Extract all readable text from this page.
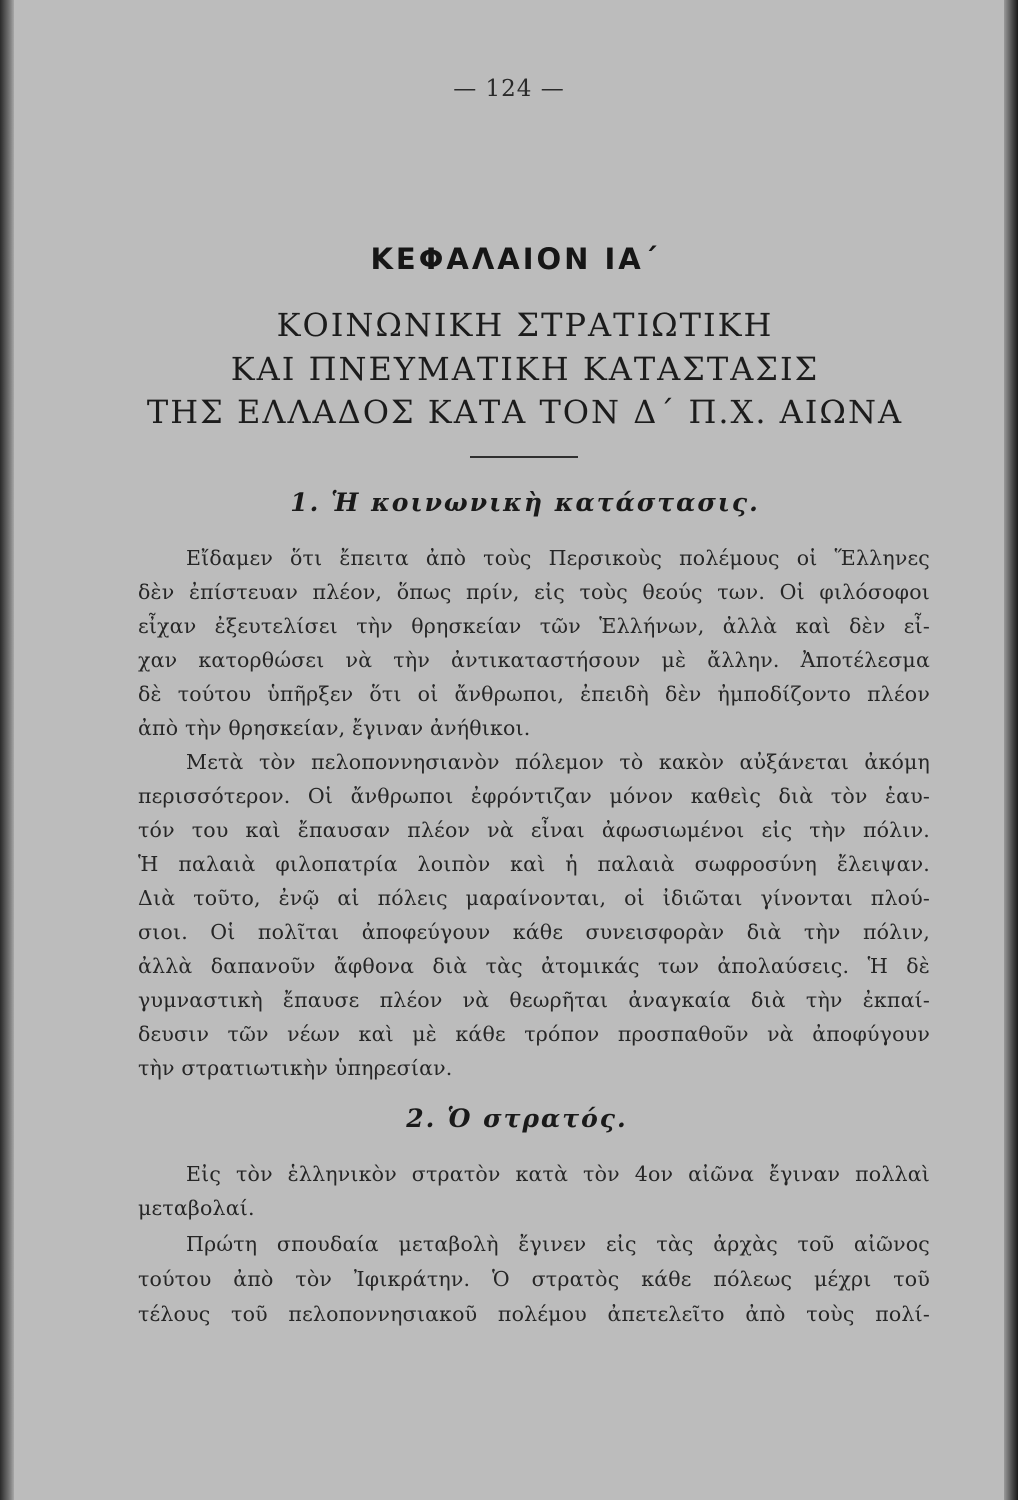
— 124 —
ΚΕΦΑΛΑΙΟΝ ΙΑ΄
ΚΟΙΝΩΝΙΚΗ ΣΤΡΑΤΙΩΤΙΚΗ
ΚΑΙ ΠΝΕΥΜΑΤΙΚΗ ΚΑΤΑΣΤΑΣΙΣ
ΤΗΣ ΕΛΛΑΔΟΣ ΚΑΤΑ ΤΟΝ Δ΄ Π.Χ. ΑΙΩΝΑ
1. Ἡ κοινωνικὴ κατάστασις.
Εἴδαμεν ὅτι ἔπειτα ἀπὸ τοὺς Περσικοὺς πολέμους οἱ Ἕλληνες
δὲν ἐπίστευαν πλέον, ὅπως πρίν, εἰς τοὺς θεούς των. Οἱ φιλόσοφοι
εἶχαν ἐξευτελίσει τὴν θρησκείαν τῶν Ἑλλήνων, ἀλλὰ καὶ δὲν εἶ-
χαν κατορθώσει νὰ τὴν ἀντικαταστήσουν μὲ ἄλλην. Ἀποτέλεσμα
δὲ τούτου ὑπῆρξεν ὅτι οἱ ἄνθρωποι, ἐπειδὴ δὲν ἠμποδίζοντο πλέον
ἀπὸ τὴν θρησκείαν, ἔγιναν ἀνήθικοι.
Μετὰ τὸν πελοποννησιανὸν πόλεμον τὸ κακὸν αὐξάνεται ἀκόμη
περισσότερον. Οἱ ἄνθρωποι ἐφρόντιζαν μόνον καθεὶς διὰ τὸν ἑαυ-
τόν του καὶ ἔπαυσαν πλέον νὰ εἶναι ἀφωσιωμένοι εἰς τὴν πόλιν.
Ἡ παλαιὰ φιλοπατρία λοιπὸν καὶ ἡ παλαιὰ σωφροσύνη ἔλειψαν.
Διὰ τοῦτο, ἐνῷ αἱ πόλεις μαραίνονται, οἱ ἰδιῶται γίνονται πλού-
σιοι. Οἱ πολῖται ἀποφεύγουν κάθε συνεισφορὰν διὰ τὴν πόλιν,
ἀλλὰ δαπανοῦν ἄφθονα διὰ τὰς ἀτομικάς των ἀπολαύσεις. Ἡ δὲ
γυμναστικὴ ἔπαυσε πλέον νὰ θεωρῆται ἀναγκαία διὰ τὴν ἐκπαί-
δευσιν τῶν νέων καὶ μὲ κάθε τρόπον προσπαθοῦν νὰ ἀποφύγουν
τὴν στρατιωτικὴν ὑπηρεσίαν.
2. Ὁ στρατός.
Εἰς τὸν ἑλληνικὸν στρατὸν κατὰ τὸν 4ον αἰῶνα ἔγιναν πολλαὶ
μεταβολαί.
Πρώτη σπουδαία μεταβολὴ ἔγινεν εἰς τὰς ἀρχὰς τοῦ αἰῶνος
τούτου ἀπὸ τὸν Ἰφικράτην. Ὁ στρατὸς κάθε πόλεως μέχρι τοῦ
τέλους τοῦ πελοποννησιακοῦ πολέμου ἀπετελεῖτο ἀπὸ τοὺς πολί-
